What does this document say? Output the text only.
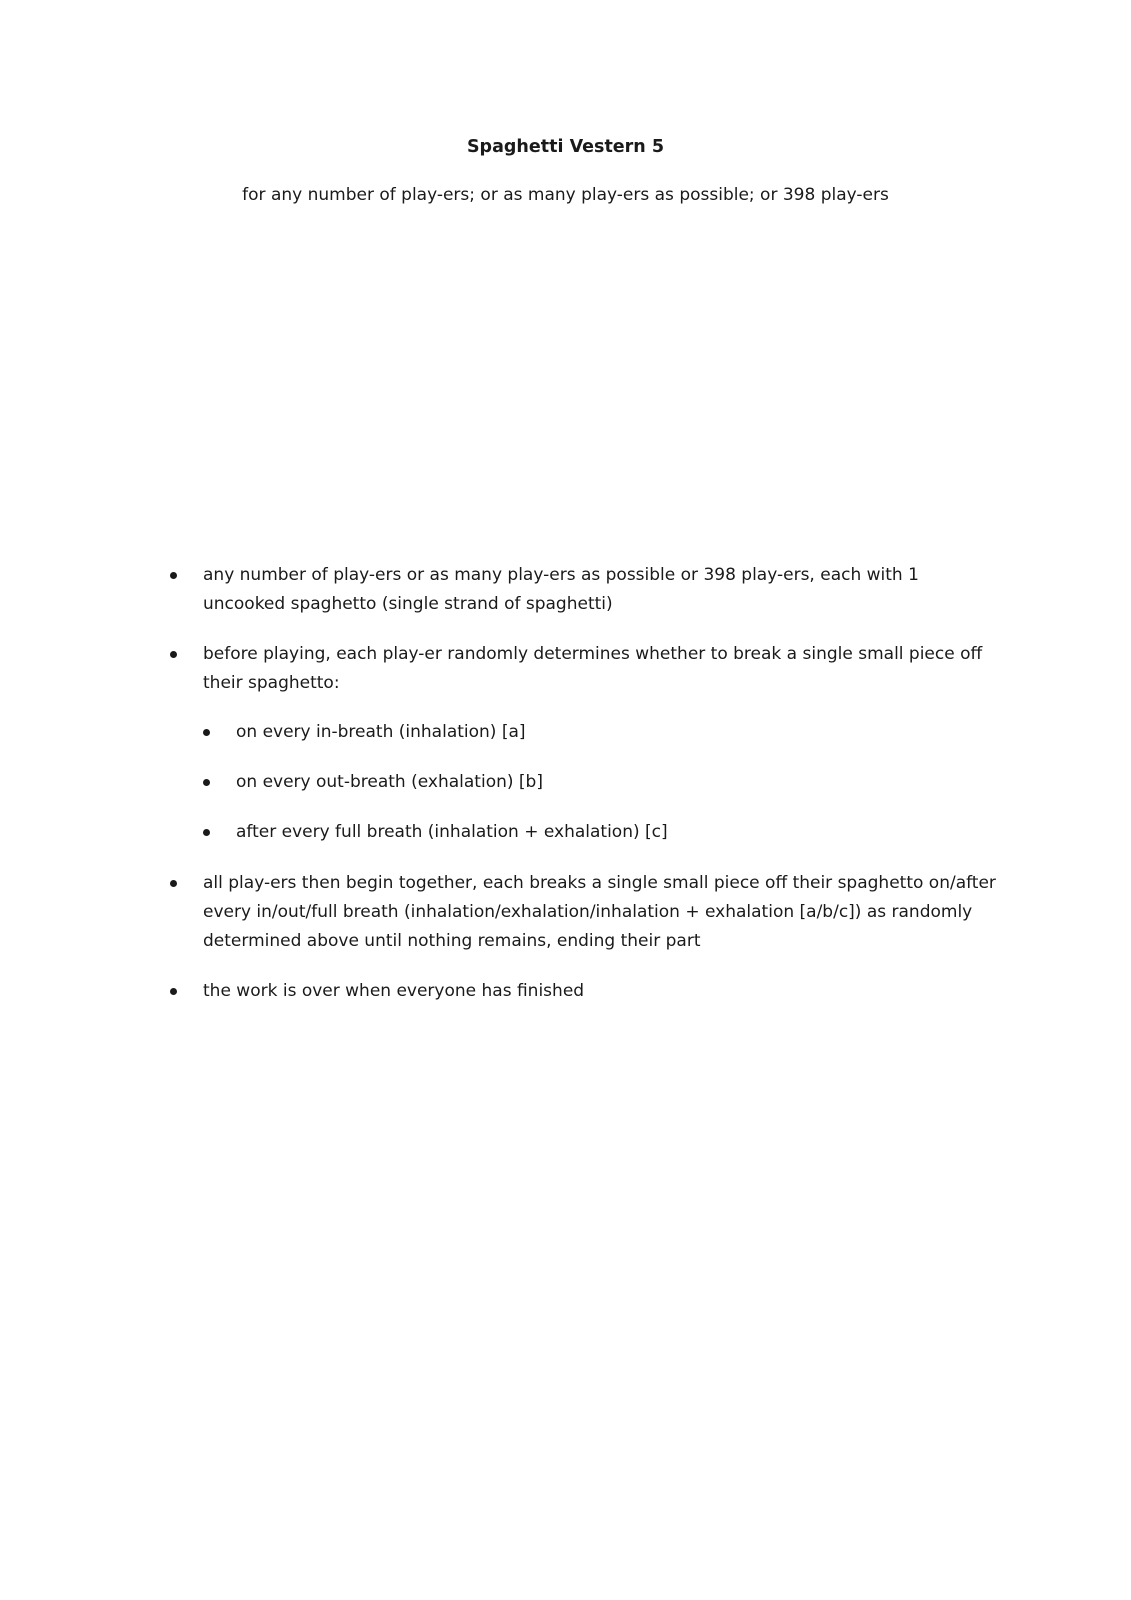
Spaghetti Vestern 5
for any number of play-ers; or as many play-ers as possible; or 398 play-ers
any number of play-ers or as many play-ers as possible or 398 play-ers, each with 1
uncooked spaghetto (single strand of spaghetti)
before playing, each play-er randomly determines whether to break a single small piece off
their spaghetto:
on every in-breath (inhalation) [a]
on every out-breath (exhalation) [b]
after every full breath (inhalation + exhalation) [c]
all play-ers then begin together, each breaks a single small piece off their spaghetto on/after
every in/out/full breath (inhalation/exhalation/inhalation + exhalation [a/b/c]) as randomly
determined above until nothing remains, ending their part
the work is over when everyone has finished
